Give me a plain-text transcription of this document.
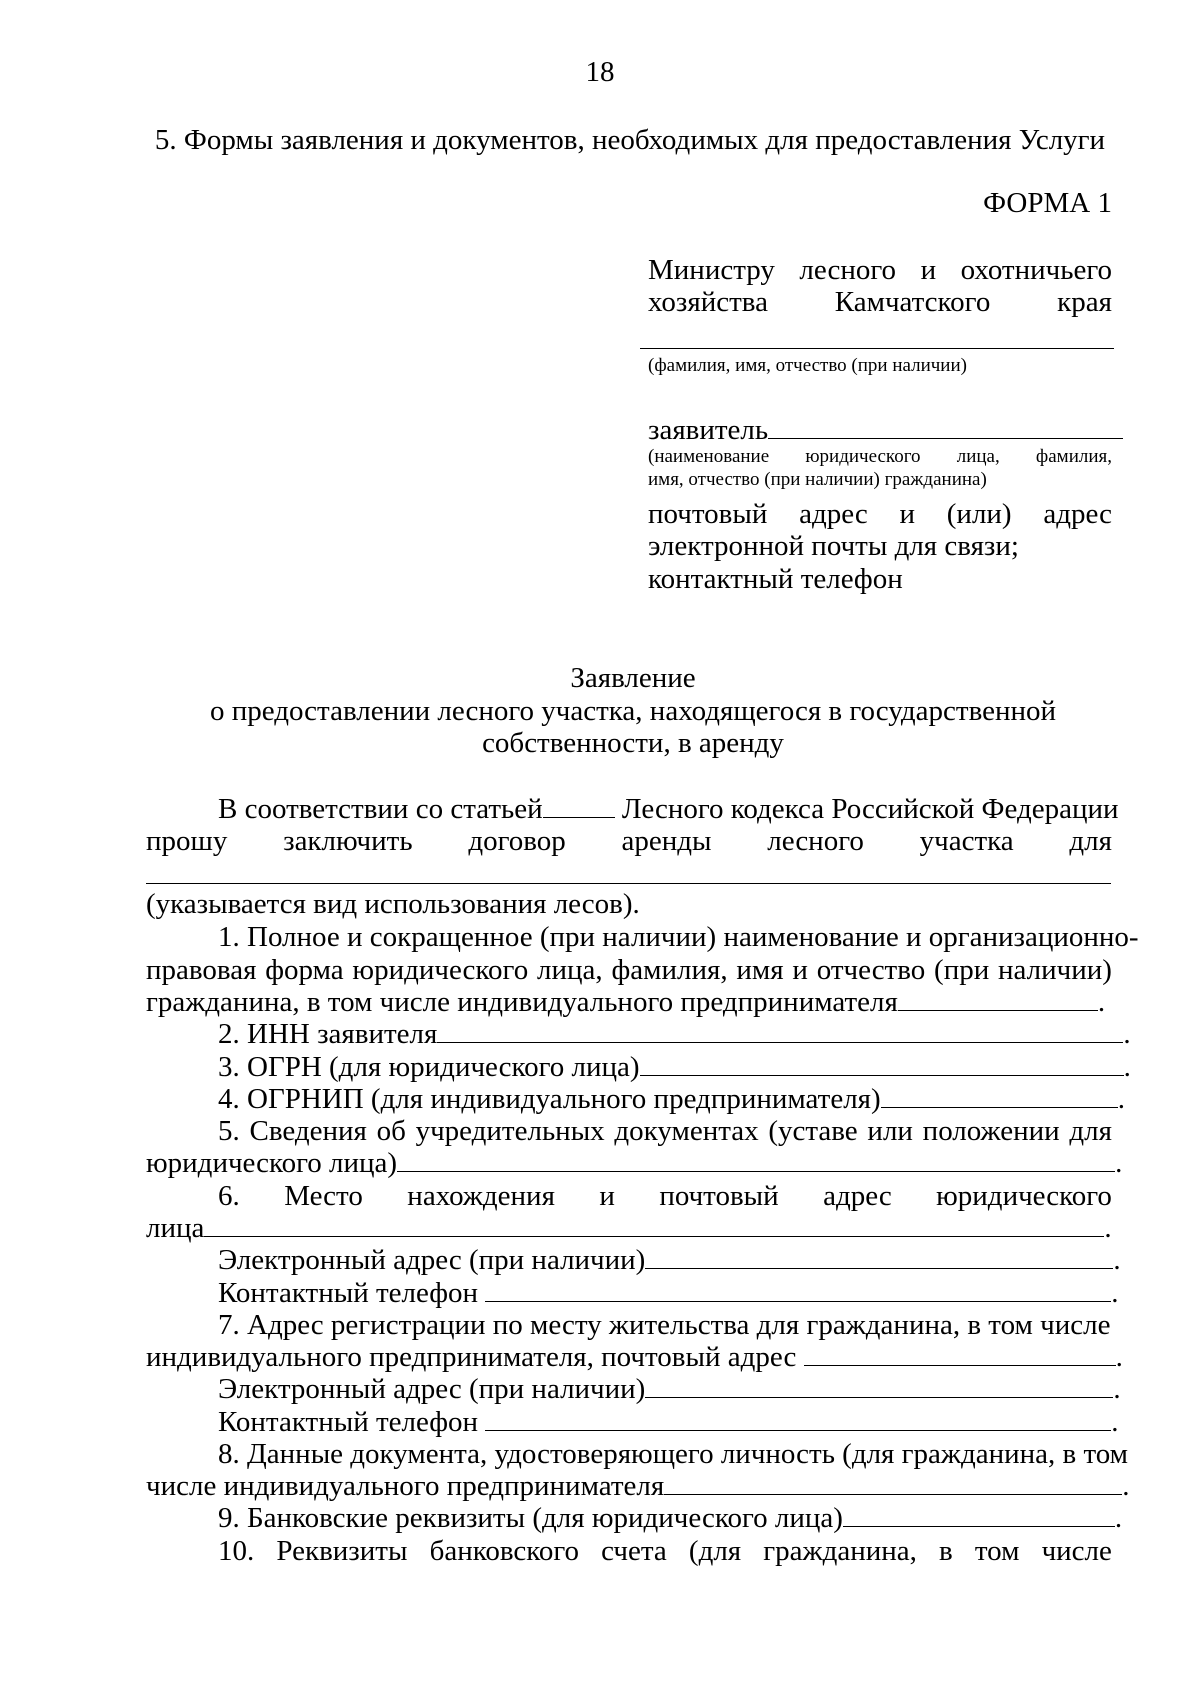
18
5. Формы заявления и документов, необходимых для предоставления Услуги
ФОРМА 1
Министру лесного и охотничьего
хозяйства Камчатского края
(фамилия, имя, отчество (при наличии)
заявитель
(наименование юридического лица, фамилия,
имя, отчество (при наличии) гражданина)
почтовый адрес и (или) адрес
электронной почты для связи;
контактный телефон
Заявление
о предоставлении лесного участка, находящегося в государственной
собственности, в аренду
В соответствии со статьей	Лесного кодекса Российской Федерации
прошу заключить договор аренды лесного участка для
(указывается вид использования лесов).
1. Полное и сокращенное (при наличии) наименование и организационно-
правовая форма юридического лица, фамилия, имя и отчество (при наличии)
гражданина, в том числе индивидуального предпринимателя	.
2. ИНН заявителя	.
3. ОГРН (для юридического лица)	.
4. ОГРНИП (для индивидуального предпринимателя)	.
5. Сведения об учредительных документах (уставе или положении для
юридического лица)	.
6. Место нахождения и почтовый адрес юридического
лица	.
Электронный адрес (при наличии)	.
Контактный телефон	.
7. Адрес регистрации по месту жительства для гражданина, в том числе
индивидуального предпринимателя, почтовый адрес	.
Электронный адрес (при наличии)	.
Контактный телефон	.
8. Данные документа, удостоверяющего личность (для гражданина, в том
числе индивидуального предпринимателя	.
9. Банковские реквизиты (для юридического лица)	.
10. Реквизиты банковского счета (для гражданина, в том числе
